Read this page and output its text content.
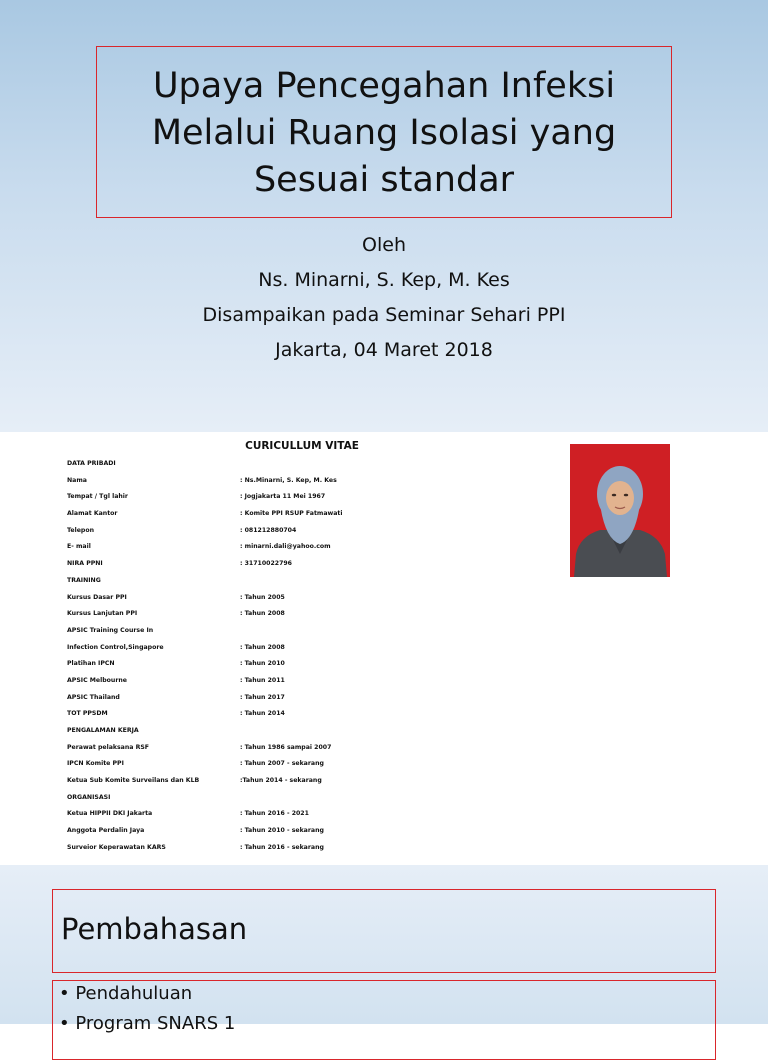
Upaya Pencegahan Infeksi
Melalui Ruang Isolasi yang
Sesuai standar
Oleh
Ns. Minarni, S. Kep, M. Kes
Disampaikan pada Seminar Sehari PPI
Jakarta, 04 Maret 2018
CURICULLUM VITAE
DATA PRIBADI
Nama	: Ns.Minarni, S. Kep, M. Kes
Tempat / Tgl lahir	: Jogjakarta 11 Mei 1967
Alamat Kantor	: Komite PPI RSUP Fatmawati
Telepon	: 081212880704
E- mail	: minarni.dali@yahoo.com
NIRA PPNI	: 31710022796
TRAINING
Kursus Dasar PPI	: Tahun 2005
Kursus Lanjutan PPI	: Tahun 2008
APSIC Training Course In
Infection Control,Singapore	: Tahun 2008
Platihan IPCN	: Tahun 2010
APSIC Melbourne	: Tahun 2011
APSIC Thailand	: Tahun 2017
TOT PPSDM	: Tahun 2014
PENGALAMAN KERJA
Perawat pelaksana RSF	: Tahun 1986 sampai 2007
IPCN Komite PPI	: Tahun 2007 - sekarang
Ketua Sub Komite Surveilans dan KLB	:Tahun 2014 - sekarang
ORGANISASI
Ketua HIPPII DKI Jakarta	: Tahun 2016 - 2021
Anggota Perdalin Jaya	: Tahun 2010 - sekarang
Surveior Keperawatan KARS	: Tahun 2016 - sekarang
Pembahasan
• Pendahuluan
• Program SNARS 1
